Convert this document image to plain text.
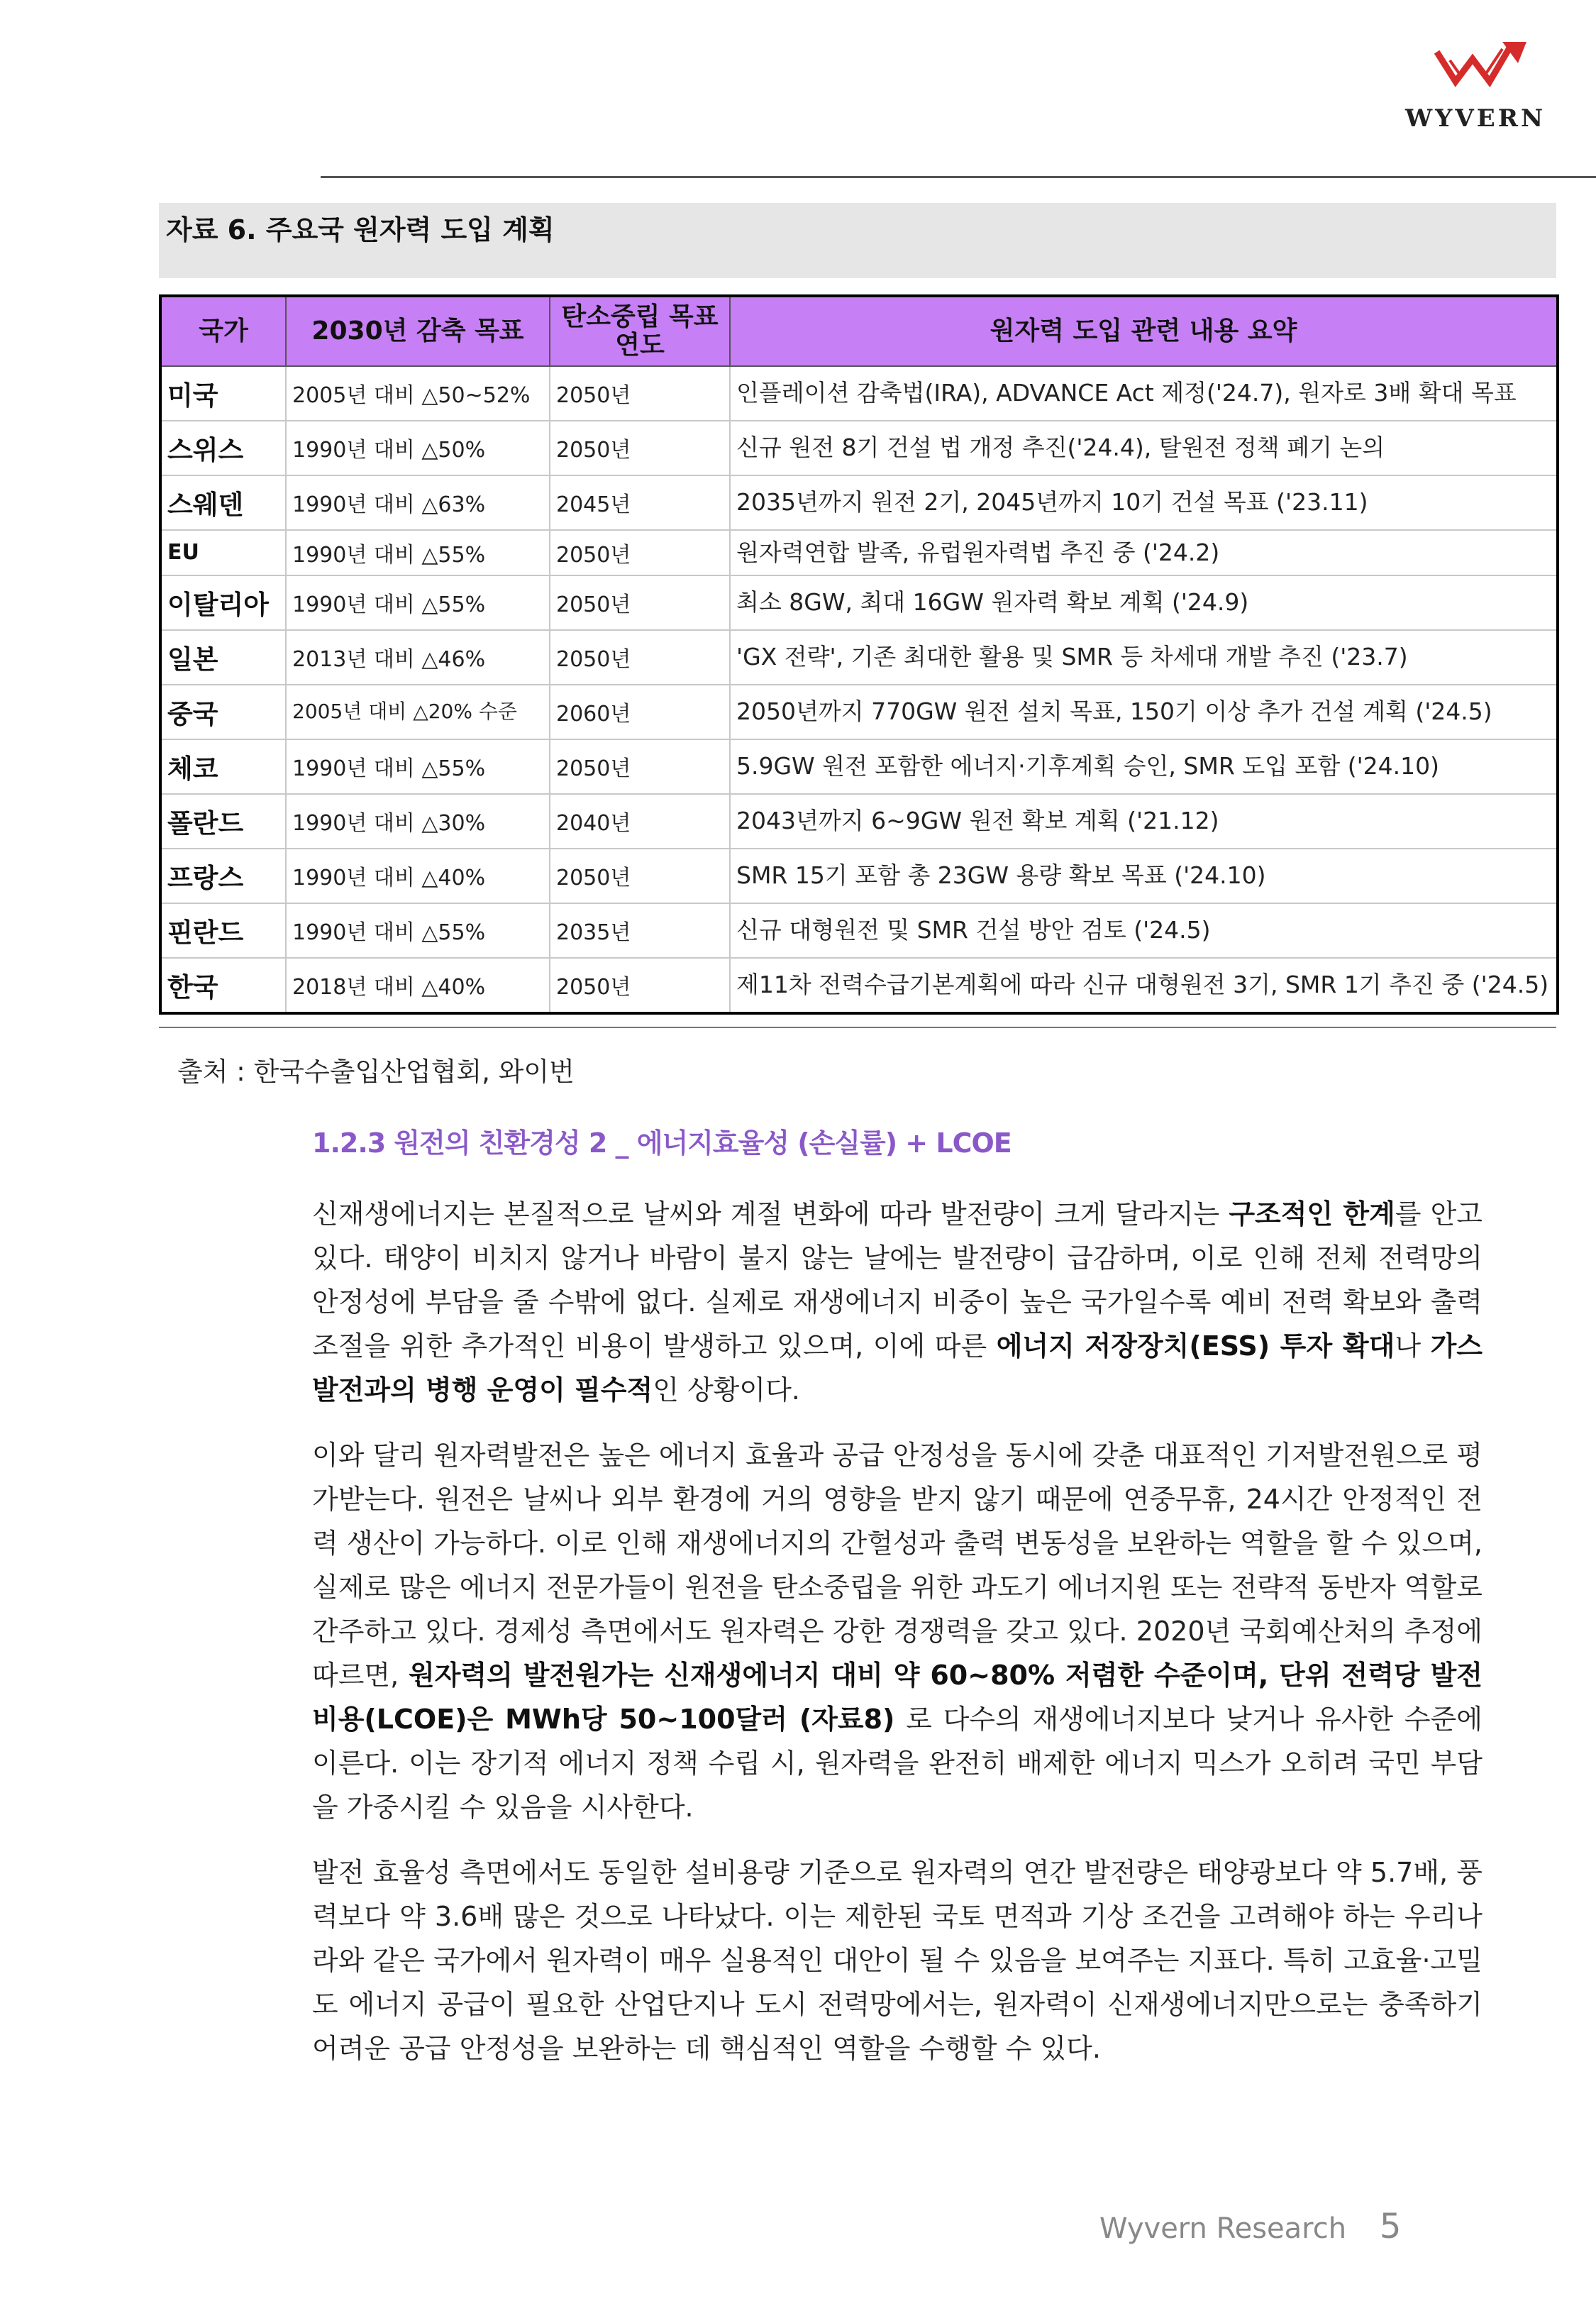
WYVERN
자료 6. 주요국 원자력 도입 계획
국가	2030년 감축 목표	탄소중립 목표연도	원자력 도입 관련 내용 요약
미국	2005년 대비 △50~52%	2050년	인플레이션 감축법(IRA), ADVANCE Act 제정('24.7), 원자로 3배 확대 목표
스위스	1990년 대비 △50%	2050년	신규 원전 8기 건설 법 개정 추진('24.4), 탈원전 정책 폐기 논의
스웨덴	1990년 대비 △63%	2045년	2035년까지 원전 2기, 2045년까지 10기 건설 목표 ('23.11)
EU	1990년 대비 △55%	2050년	원자력연합 발족, 유럽원자력법 추진 중 ('24.2)
이탈리아	1990년 대비 △55%	2050년	최소 8GW, 최대 16GW 원자력 확보 계획 ('24.9)
일본	2013년 대비 △46%	2050년	'GX 전략', 기존 최대한 활용 및 SMR 등 차세대 개발 추진 ('23.7)
중국	2005년 대비 △20% 수준	2060년	2050년까지 770GW 원전 설치 목표, 150기 이상 추가 건설 계획 ('24.5)
체코	1990년 대비 △55%	2050년	5.9GW 원전 포함한 에너지·기후계획 승인, SMR 도입 포함 ('24.10)
폴란드	1990년 대비 △30%	2040년	2043년까지 6~9GW 원전 확보 계획 ('21.12)
프랑스	1990년 대비 △40%	2050년	SMR 15기 포함 총 23GW 용량 확보 목표 ('24.10)
핀란드	1990년 대비 △55%	2035년	신규 대형원전 및 SMR 건설 방안 검토 ('24.5)
한국	2018년 대비 △40%	2050년	제11차 전력수급기본계획에 따라 신규 대형원전 3기, SMR 1기 추진 중 ('24.5)
출처 : 한국수출입산업협회, 와이번
1.2.3 원전의 친환경성 2 _ 에너지효율성 (손실률) + LCOE

신재생에너지는 본질적으로 날씨와 계절 변화에 따라 발전량이 크게 달라지는 구조적인 한계를 안고 있다. 태양이 비치지 않거나 바람이 불지 않는 날에는 발전량이 급감하며, 이로 인해 전체 전력망의 안정성에 부담을 줄 수밖에 없다. 실제로 재생에너지 비중이 높은 국가일수록 예비 전력 확보와 출력 조절을 위한 추가적인 비용이 발생하고 있으며, 이에 따른 에너지 저장장치(ESS) 투자 확대나 가스발전과의 병행 운영이 필수적인 상황이다.

이와 달리 원자력발전은 높은 에너지 효율과 공급 안정성을 동시에 갖춘 대표적인 기저발전원으로 평가받는다. 원전은 날씨나 외부 환경에 거의 영향을 받지 않기 때문에 연중무휴, 24시간 안정적인 전력 생산이 가능하다. 이로 인해 재생에너지의 간헐성과 출력 변동성을 보완하는 역할을 할 수 있으며, 실제로 많은 에너지 전문가들이 원전을 탄소중립을 위한 과도기 에너지원 또는 전략적 동반자 역할로 간주하고 있다. 경제성 측면에서도 원자력은 강한 경쟁력을 갖고 있다. 2020년 국회예산처의 추정에 따르면, 원자력의 발전원가는 신재생에너지 대비 약 60~80% 저렴한 수준이며, 단위 전력당 발전비용(LCOE)은 MWh당 50~100달러 (자료8) 로 다수의 재생에너지보다 낮거나 유사한 수준에 이른다. 이는 장기적 에너지 정책 수립 시, 원자력을 완전히 배제한 에너지 믹스가 오히려 국민 부담을 가중시킬 수 있음을 시사한다.

발전 효율성 측면에서도 동일한 설비용량 기준으로 원자력의 연간 발전량은 태양광보다 약 5.7배, 풍력보다 약 3.6배 많은 것으로 나타났다. 이는 제한된 국토 면적과 기상 조건을 고려해야 하는 우리나라와 같은 국가에서 원자력이 매우 실용적인 대안이 될 수 있음을 보여주는 지표다. 특히 고효율·고밀도 에너지 공급이 필요한 산업단지나 도시 전력망에서는, 원자력이 신재생에너지만으로는 충족하기 어려운 공급 안정성을 보완하는 데 핵심적인 역할을 수행할 수 있다.

Wyvern Research 5
